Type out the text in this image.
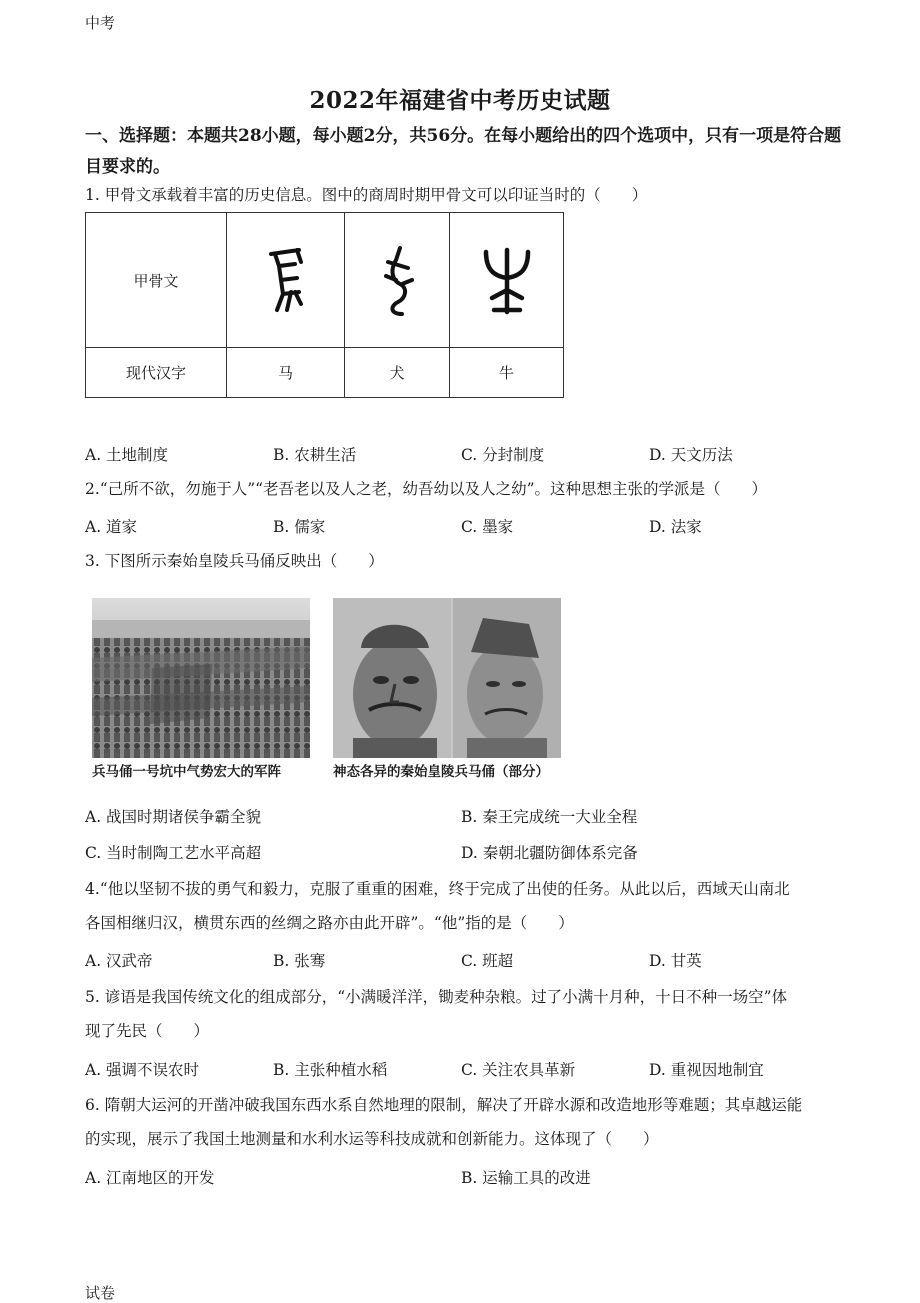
中考
2022年福建省中考历史试题
一、选择题：本题共28小题，每小题2分，共56分。在每小题给出的四个选项中，只有一项是符合题目要求的。
1. 甲骨文承载着丰富的历史信息。图中的商周时期甲骨文可以印证当时的（　　）
甲骨文	

现代汉字	马	犬	牛
A. 土地制度	B. 农耕生活	C. 分封制度	D. 天文历法
2.“己所不欲，勿施于人”“老吾老以及人之老，幼吾幼以及人之幼”。这种思想主张的学派是（　　）
A. 道家	B. 儒家	C. 墨家	D. 法家
3. 下图所示秦始皇陵兵马俑反映出（　　）
兵马俑一号坑中气势宏大的军阵	神态各异的秦始皇陵兵马俑（部分）
A. 战国时期诸侯争霸全貌	B. 秦王完成统一大业全程
C. 当时制陶工艺水平高超	D. 秦朝北疆防御体系完备
4.“他以坚韧不拔的勇气和毅力，克服了重重的困难，终于完成了出使的任务。从此以后，西域天山南北
各国相继归汉，横贯东西的丝绸之路亦由此开辟”。“他”指的是（　　）
A. 汉武帝	B. 张骞	C. 班超	D. 甘英
5. 谚语是我国传统文化的组成部分，“小满暖洋洋，锄麦种杂粮。过了小满十月种，十日不种一场空”体
现了先民（　　）
A. 强调不误农时	B. 主张种植水稻	C. 关注农具革新	D. 重视因地制宜
6. 隋朝大运河的开凿冲破我国东西水系自然地理的限制，解决了开辟水源和改造地形等难题；其卓越运能
的实现，展示了我国土地测量和水利水运等科技成就和创新能力。这体现了（　　）
A. 江南地区的开发	B. 运输工具的改进
试卷
